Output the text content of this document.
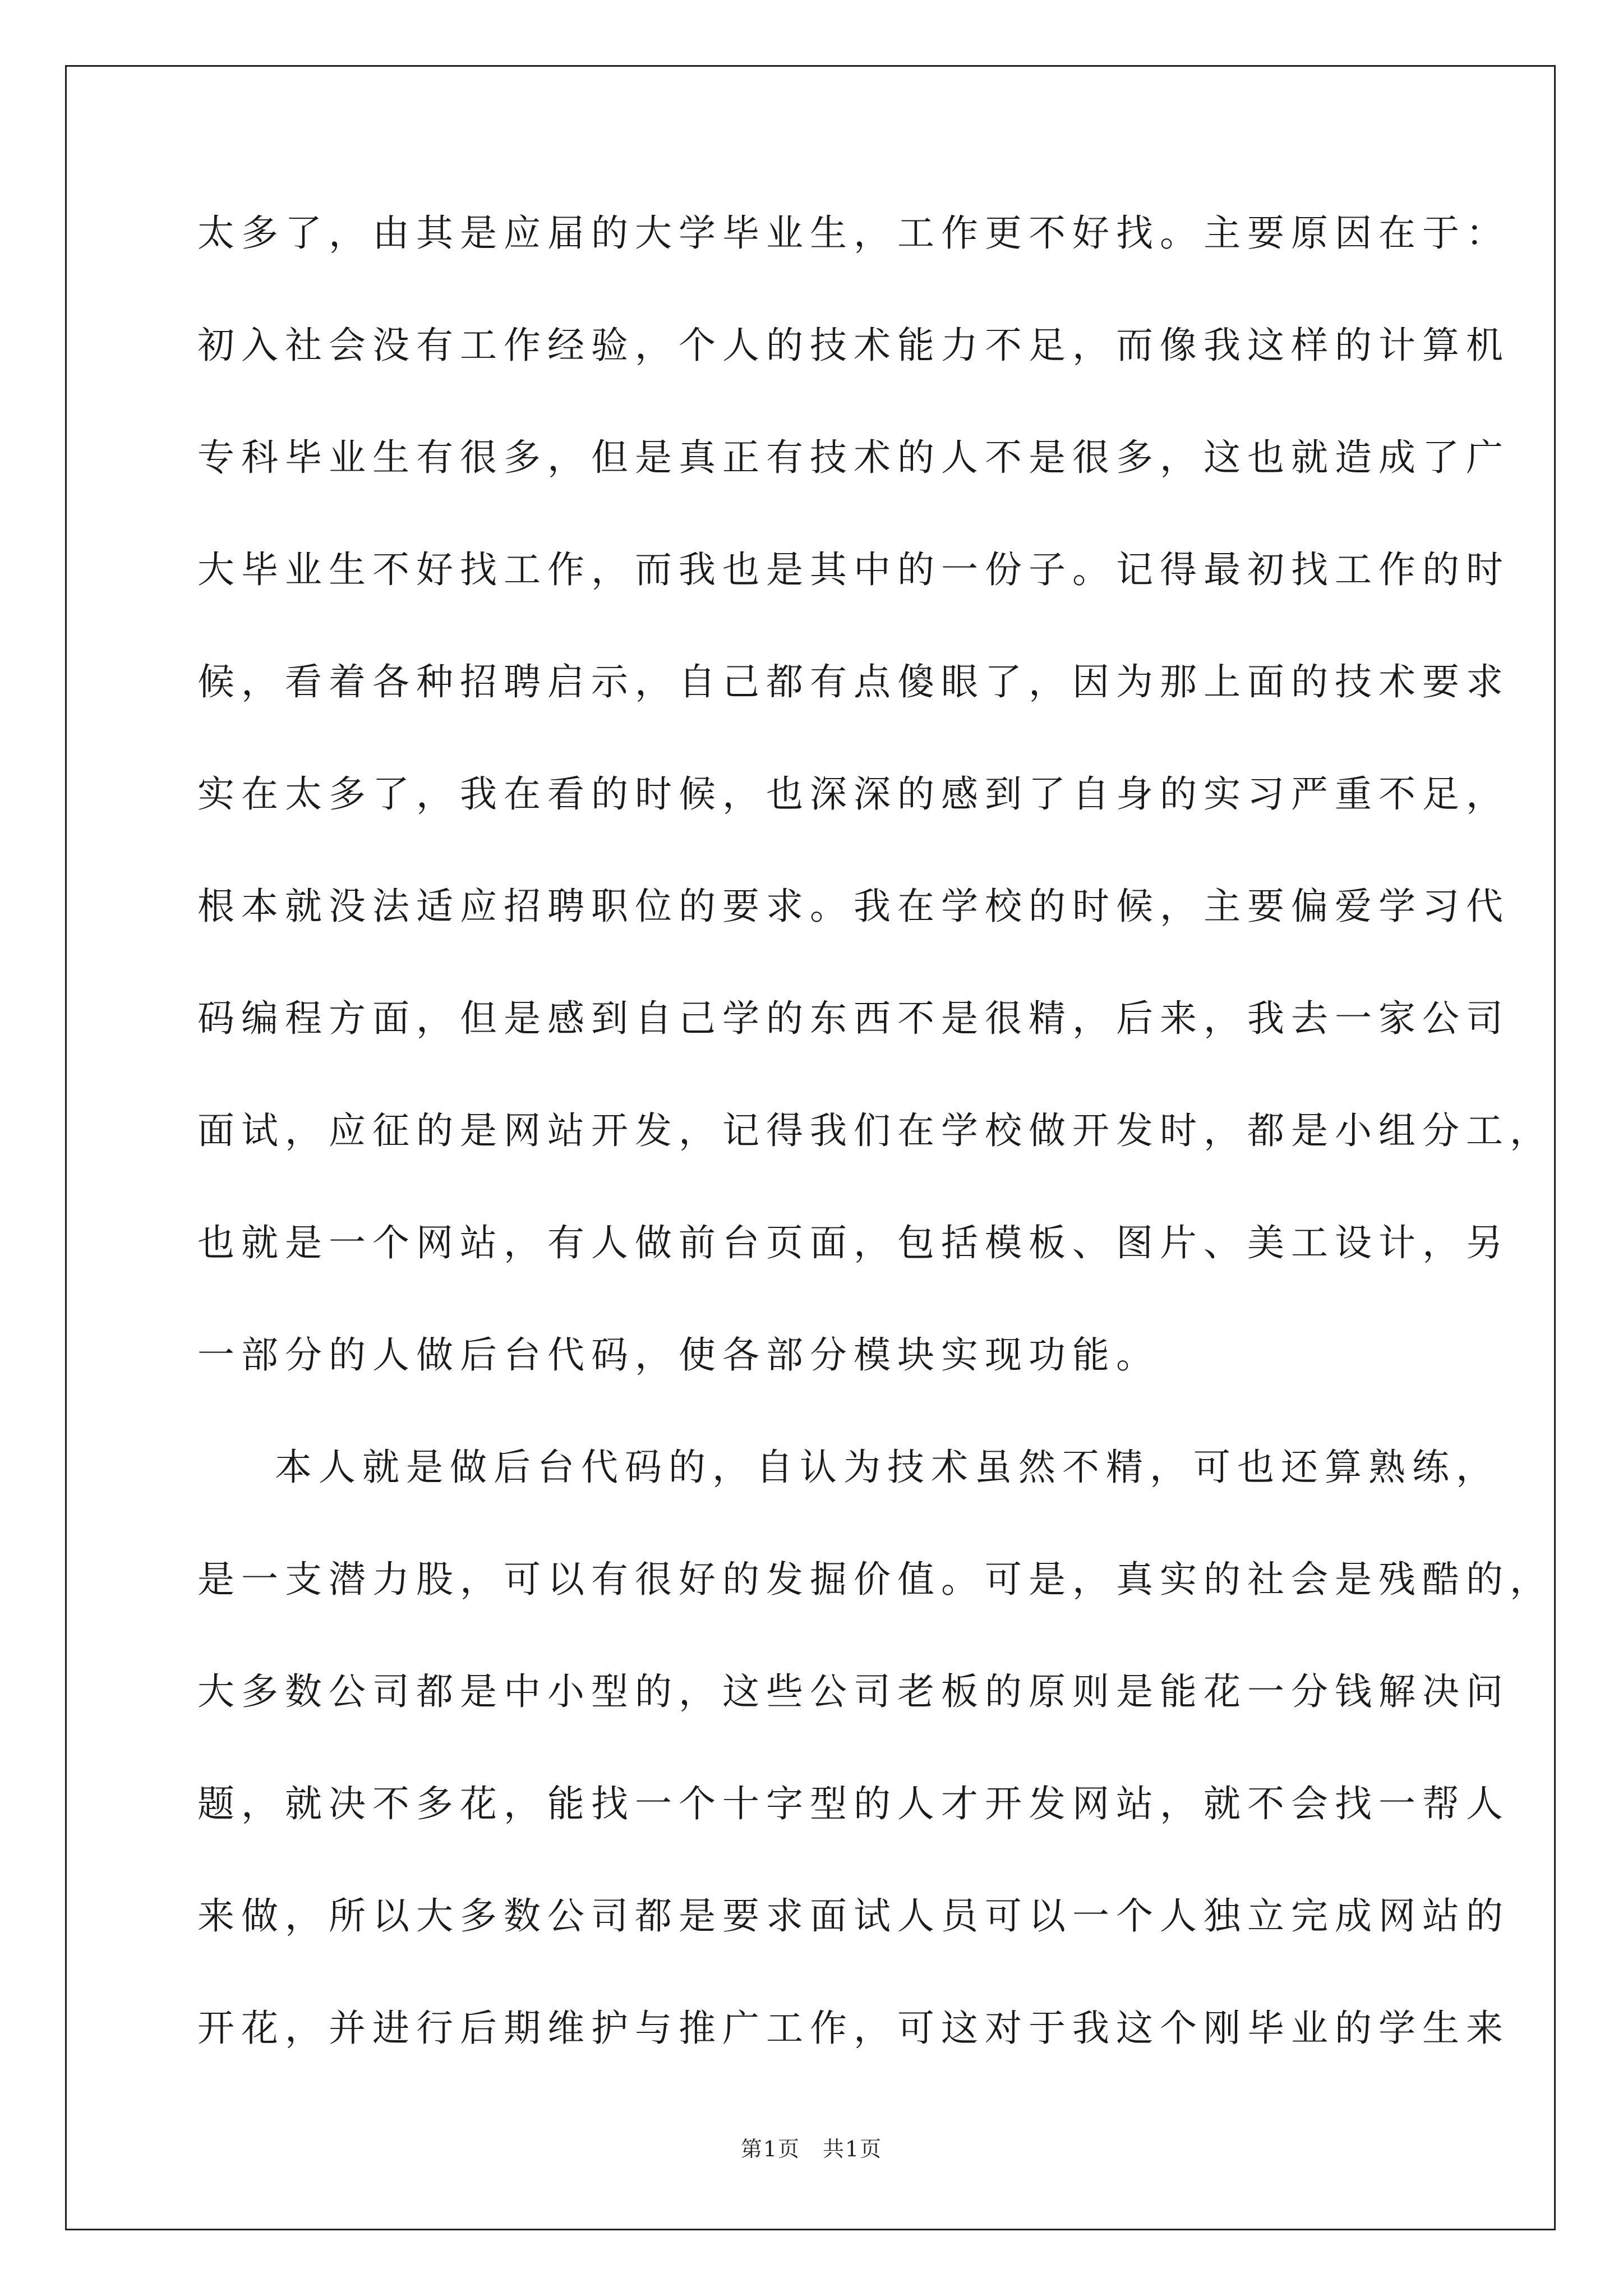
太多了，由其是应届的大学毕业生，工作更不好找。主要原因在于：
初入社会没有工作经验，个人的技术能力不足，而像我这样的计算机
专科毕业生有很多，但是真正有技术的人不是很多，这也就造成了广
大毕业生不好找工作，而我也是其中的一份子。记得最初找工作的时
候，看着各种招聘启示，自己都有点傻眼了，因为那上面的技术要求
实在太多了，我在看的时候，也深深的感到了自身的实习严重不足，
根本就没法适应招聘职位的要求。我在学校的时候，主要偏爱学习代
码编程方面，但是感到自己学的东西不是很精，后来，我去一家公司
面试，应征的是网站开发，记得我们在学校做开发时，都是小组分工，
也就是一个网站，有人做前台页面，包括模板、图片、美工设计，另
一部分的人做后台代码，使各部分模块实现功能。
本人就是做后台代码的，自认为技术虽然不精，可也还算熟练，
是一支潜力股，可以有很好的发掘价值。可是，真实的社会是残酷的，
大多数公司都是中小型的，这些公司老板的原则是能花一分钱解决问
题，就决不多花，能找一个十字型的人才开发网站，就不会找一帮人
来做，所以大多数公司都是要求面试人员可以一个人独立完成网站的
开花，并进行后期维护与推广工作，可这对于我这个刚毕业的学生来
第1页　共1页
